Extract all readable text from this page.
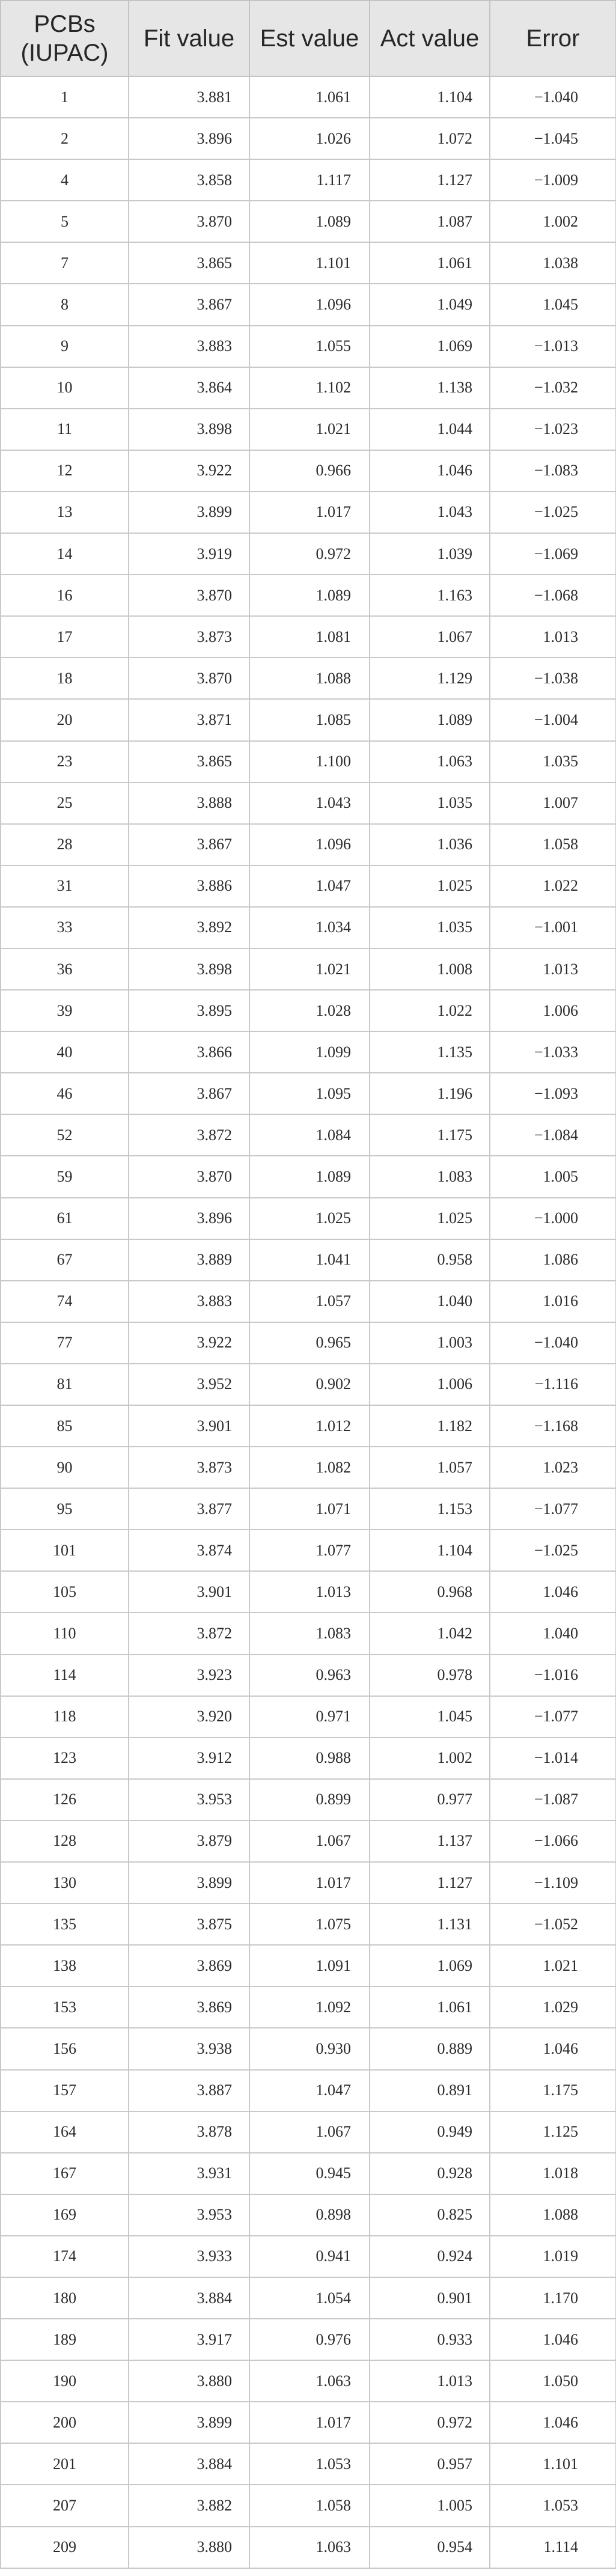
PCBs
(IUPAC)	Fit value	Est value	Act value	Error
1	3.881	1.061	1.104	−1.040
2	3.896	1.026	1.072	−1.045
4	3.858	1.117	1.127	−1.009
5	3.870	1.089	1.087	1.002
7	3.865	1.101	1.061	1.038
8	3.867	1.096	1.049	1.045
9	3.883	1.055	1.069	−1.013
10	3.864	1.102	1.138	−1.032
11	3.898	1.021	1.044	−1.023
12	3.922	0.966	1.046	−1.083
13	3.899	1.017	1.043	−1.025
14	3.919	0.972	1.039	−1.069
16	3.870	1.089	1.163	−1.068
17	3.873	1.081	1.067	1.013
18	3.870	1.088	1.129	−1.038
20	3.871	1.085	1.089	−1.004
23	3.865	1.100	1.063	1.035
25	3.888	1.043	1.035	1.007
28	3.867	1.096	1.036	1.058
31	3.886	1.047	1.025	1.022
33	3.892	1.034	1.035	−1.001
36	3.898	1.021	1.008	1.013
39	3.895	1.028	1.022	1.006
40	3.866	1.099	1.135	−1.033
46	3.867	1.095	1.196	−1.093
52	3.872	1.084	1.175	−1.084
59	3.870	1.089	1.083	1.005
61	3.896	1.025	1.025	−1.000
67	3.889	1.041	0.958	1.086
74	3.883	1.057	1.040	1.016
77	3.922	0.965	1.003	−1.040
81	3.952	0.902	1.006	−1.116
85	3.901	1.012	1.182	−1.168
90	3.873	1.082	1.057	1.023
95	3.877	1.071	1.153	−1.077
101	3.874	1.077	1.104	−1.025
105	3.901	1.013	0.968	1.046
110	3.872	1.083	1.042	1.040
114	3.923	0.963	0.978	−1.016
118	3.920	0.971	1.045	−1.077
123	3.912	0.988	1.002	−1.014
126	3.953	0.899	0.977	−1.087
128	3.879	1.067	1.137	−1.066
130	3.899	1.017	1.127	−1.109
135	3.875	1.075	1.131	−1.052
138	3.869	1.091	1.069	1.021
153	3.869	1.092	1.061	1.029
156	3.938	0.930	0.889	1.046
157	3.887	1.047	0.891	1.175
164	3.878	1.067	0.949	1.125
167	3.931	0.945	0.928	1.018
169	3.953	0.898	0.825	1.088
174	3.933	0.941	0.924	1.019
180	3.884	1.054	0.901	1.170
189	3.917	0.976	0.933	1.046
190	3.880	1.063	1.013	1.050
200	3.899	1.017	0.972	1.046
201	3.884	1.053	0.957	1.101
207	3.882	1.058	1.005	1.053
209	3.880	1.063	0.954	1.114
